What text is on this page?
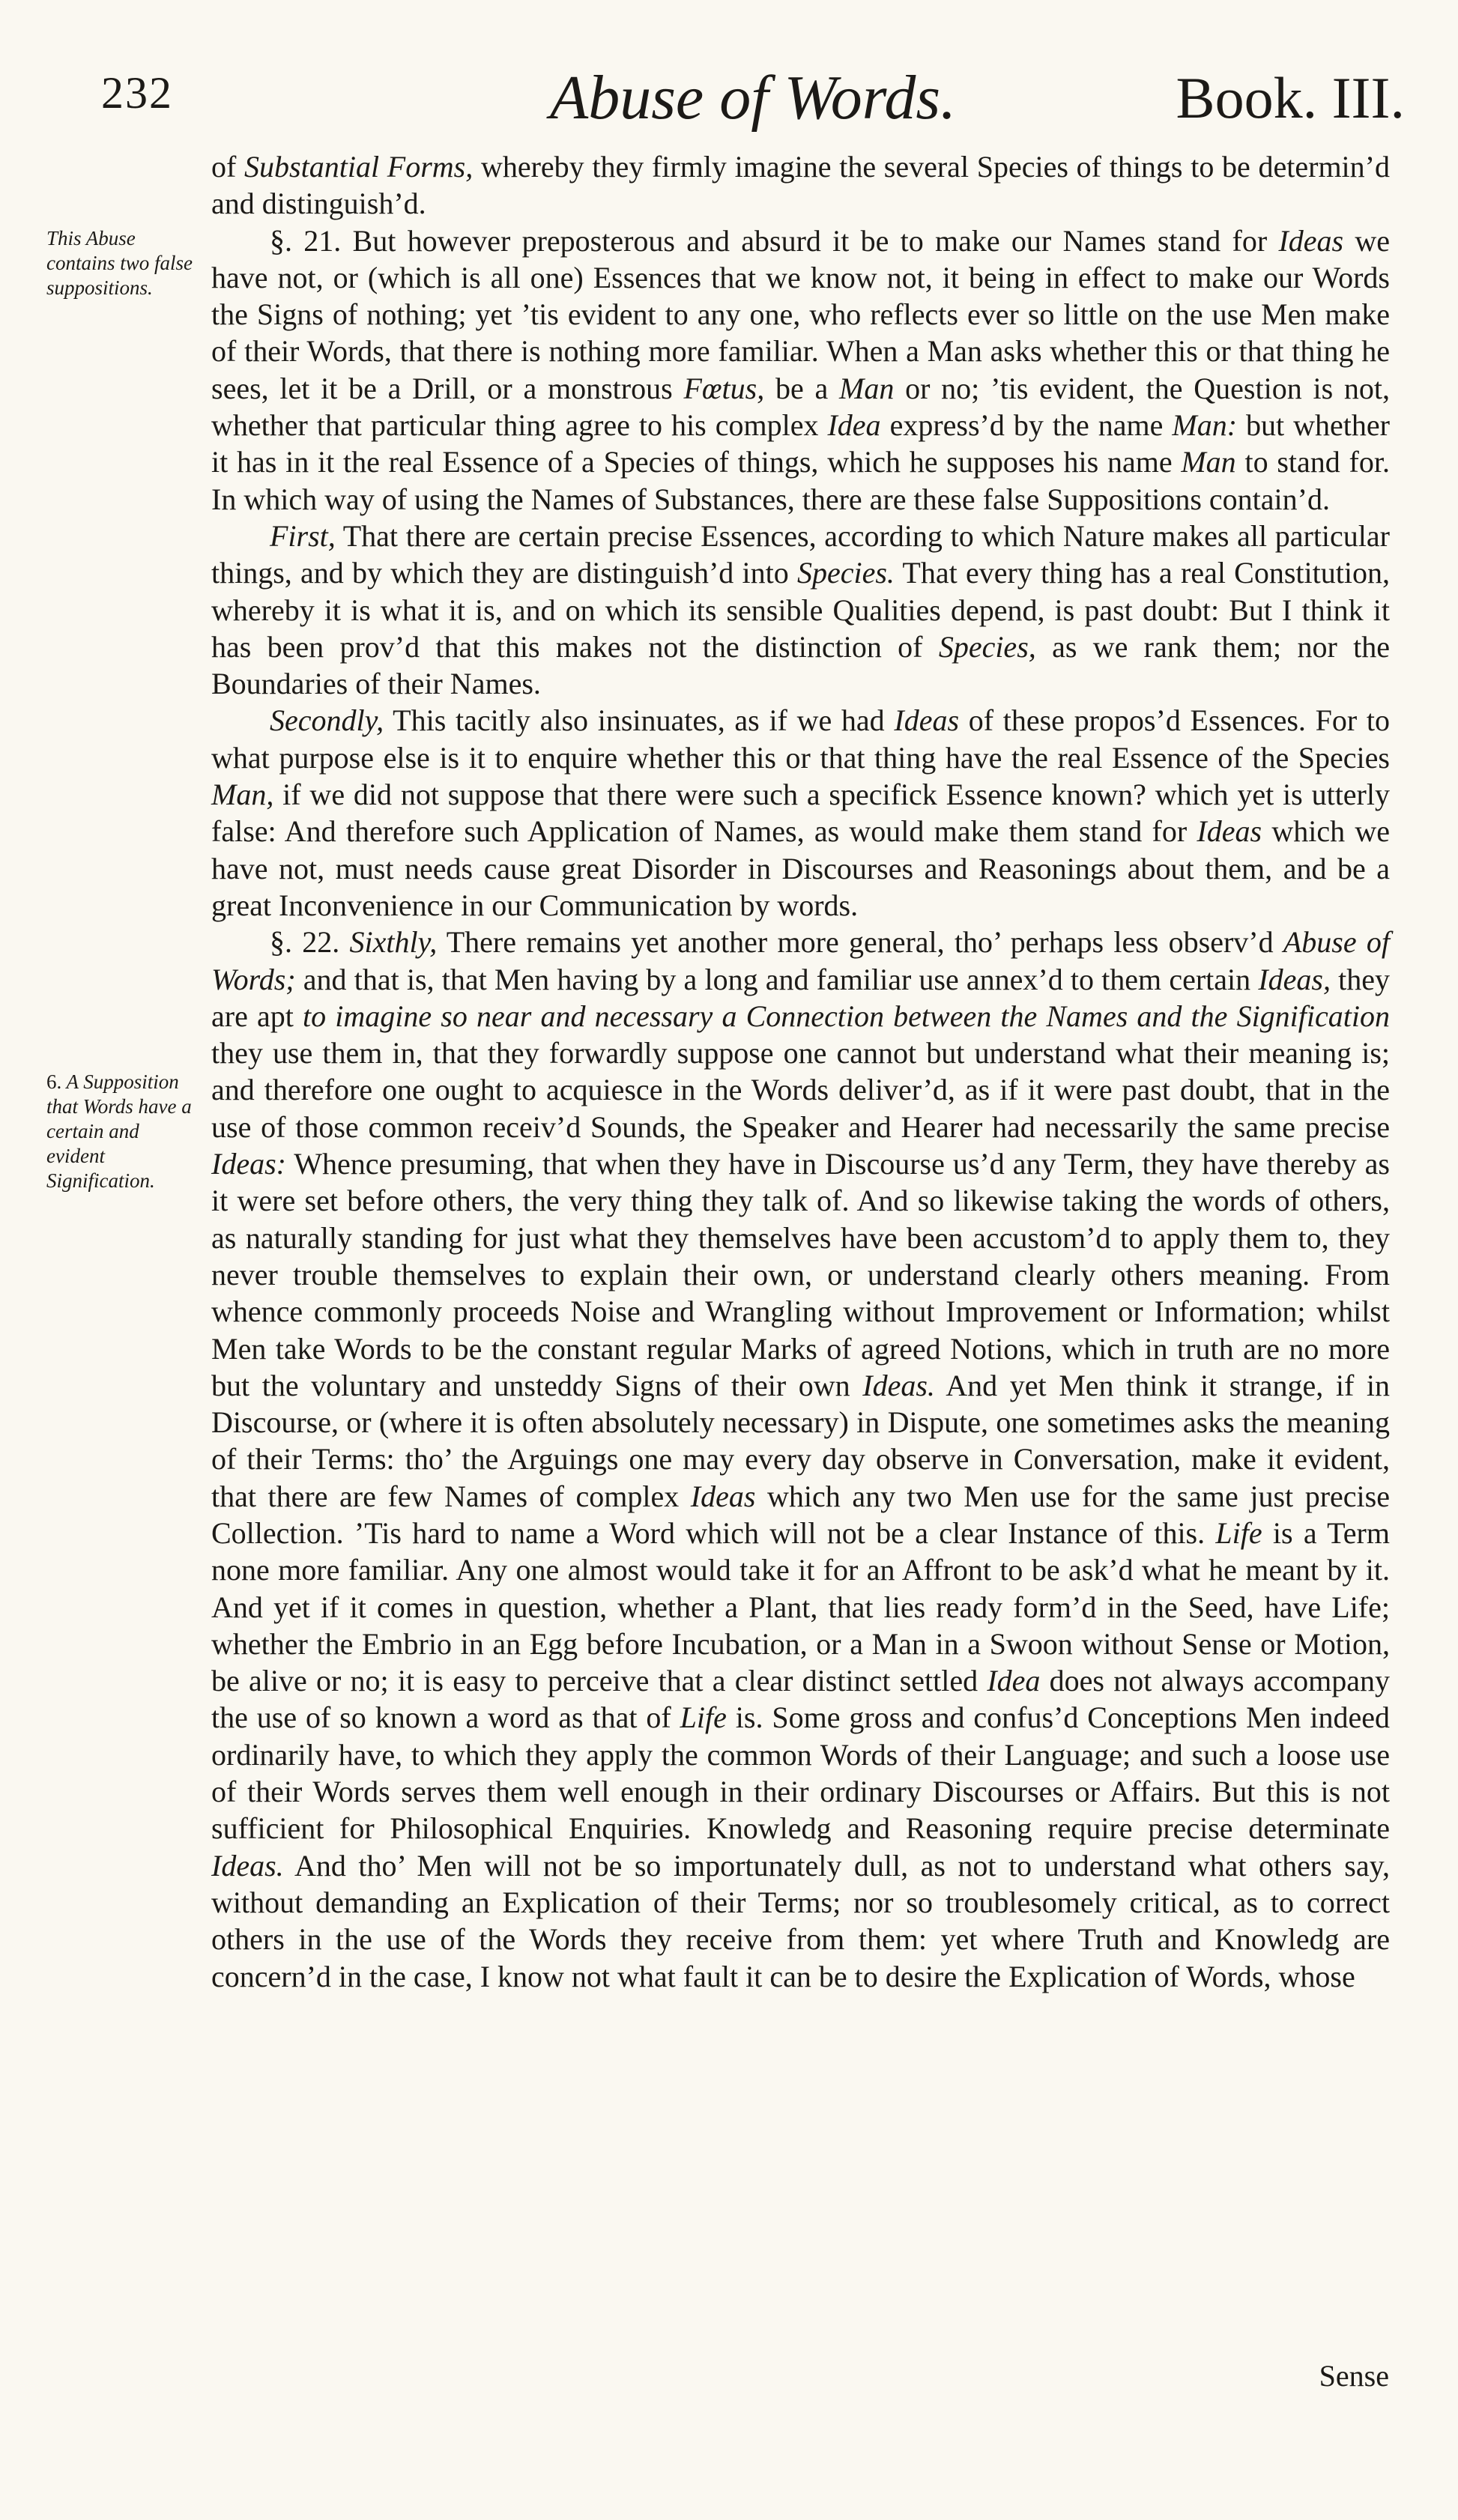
232	Abuse of Words.	Book. III.
This Abuse contains two false suppositions.
6. A Supposition that Words have a certain and evident Signification.

of Substantial Forms, whereby they firmly imagine the several Species of things to be determin’d and distinguish’d.

§. 21. But however preposterous and absurd it be to make our Names stand for Ideas we have not, or (which is all one) Essences that we know not, it being in effect to make our Words the Signs of nothing; yet ’tis evident to any one, who reflects ever so little on the use Men make of their Words, that there is nothing more familiar. When a Man asks whether this or that thing he sees, let it be a Drill, or a monstrous Fœtus, be a Man or no; ’tis evident, the Question is not, whether that particular thing agree to his complex Idea express’d by the name Man: but whether it has in it the real Essence of a Species of things, which he supposes his name Man to stand for. In which way of using the Names of Substances, there are these false Suppositions contain’d.

First, That there are certain precise Essences, according to which Nature makes all particular things, and by which they are distinguish’d into Species. That every thing has a real Constitution, whereby it is what it is, and on which its sensible Qualities depend, is past doubt: But I think it has been prov’d that this makes not the distinction of Species, as we rank them; nor the Boundaries of their Names.

Secondly, This tacitly also insinuates, as if we had Ideas of these propos’d Essences. For to what purpose else is it to enquire whether this or that thing have the real Essence of the Species Man, if we did not suppose that there were such a specifick Essence known? which yet is utterly false: And therefore such Application of Names, as would make them stand for Ideas which we have not, must needs cause great Disorder in Discourses and Reasonings about them, and be a great Inconvenience in our Communication by words.

§. 22. Sixthly, There remains yet another more general, tho’ perhaps less observ’d Abuse of Words; and that is, that Men having by a long and familiar use annex’d to them certain Ideas, they are apt to imagine so near and necessary a Connection between the Names and the Signification they use them in, that they forwardly suppose one cannot but understand what their meaning is; and therefore one ought to acquiesce in the Words deliver’d, as if it were past doubt, that in the use of those common receiv’d Sounds, the Speaker and Hearer had necessarily the same precise Ideas: Whence presuming, that when they have in Discourse us’d any Term, they have thereby as it were set before others, the very thing they talk of. And so likewise taking the words of others, as naturally standing for just what they themselves have been accustom’d to apply them to, they never trouble themselves to explain their own, or understand clearly others meaning. From whence commonly proceeds Noise and Wrangling without Improvement or Information; whilst Men take Words to be the constant regular Marks of agreed Notions, which in truth are no more but the voluntary and unsteddy Signs of their own Ideas. And yet Men think it strange, if in Discourse, or (where it is often absolutely necessary) in Dispute, one sometimes asks the meaning of their Terms: tho’ the Arguings one may every day observe in Conversation, make it evident, that there are few Names of complex Ideas which any two Men use for the same just precise Collection. ’Tis hard to name a Word which will not be a clear Instance of this. Life is a Term none more familiar. Any one almost would take it for an Affront to be ask’d what he meant by it. And yet if it comes in question, whether a Plant, that lies ready form’d in the Seed, have Life; whether the Embrio in an Egg before Incubation, or a Man in a Swoon without Sense or Motion, be alive or no; it is easy to perceive that a clear distinct settled Idea does not always accompany the use of so known a word as that of Life is. Some gross and confus’d Conceptions Men indeed ordinarily have, to which they apply the common Words of their Language; and such a loose use of their Words serves them well enough in their ordinary Discourses or Affairs. But this is not sufficient for Philosophical Enquiries. Knowledg and Reasoning require precise determinate Ideas. And tho’ Men will not be so importunately dull, as not to understand what others say, without demanding an Explication of their Terms; nor so troublesomely critical, as to correct others in the use of the Words they receive from them: yet where Truth and Knowledg are concern’d in the case, I know not what fault it can be to desire the Explication of Words, whose

Sense
